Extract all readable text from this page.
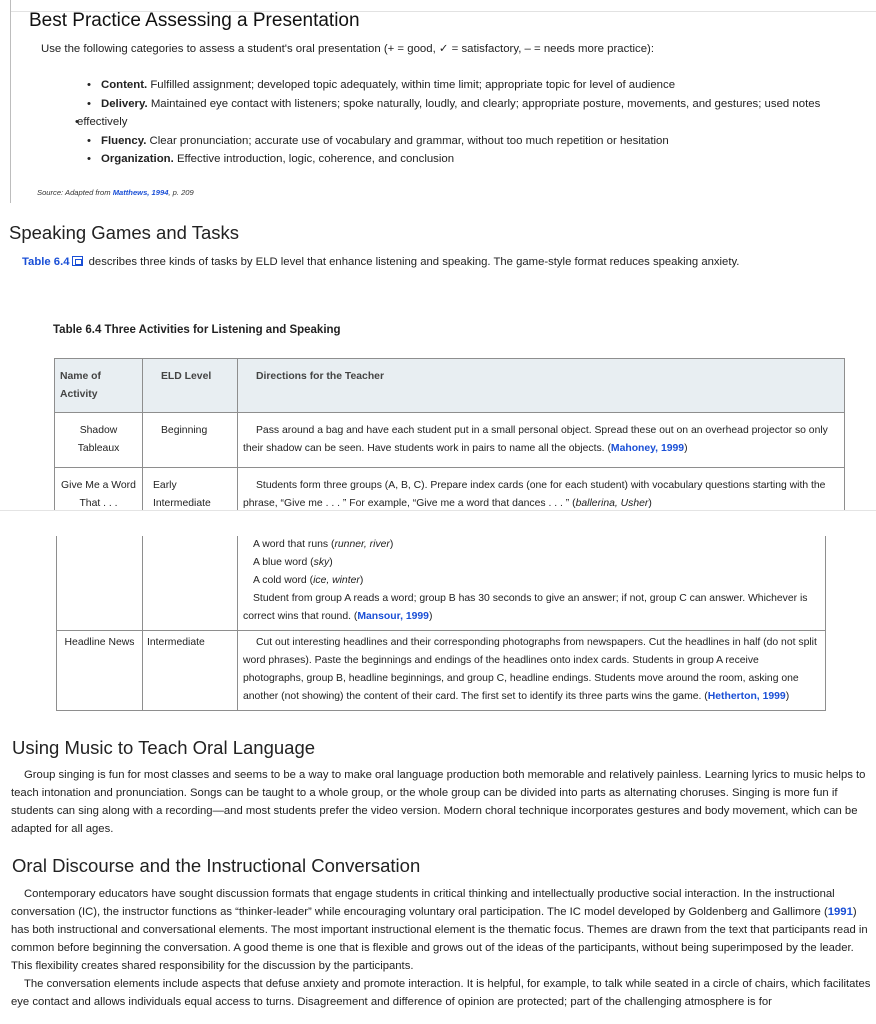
Best Practice Assessing a Presentation

Use the following categories to assess a student's oral presentation (+ = good, ✓ = satisfactory, – = needs more practice):

• Content. Fulfilled assignment; developed topic adequately, within time limit; appropriate topic for level of audience
• Delivery. Maintained eye contact with listeners; spoke naturally, loudly, and clearly; appropriate posture, movements, and gestures; used notes
• effectively
• Fluency. Clear pronunciation; accurate use of vocabulary and grammar, without too much repetition or hesitation
• Organization. Effective introduction, logic, coherence, and conclusion

Source: Adapted from Matthews, 1994, p. 209

Speaking Games and Tasks

Table 6.4 describes three kinds of tasks by ELD level that enhance listening and speaking. The game-style format reduces speaking anxiety.

Table 6.4 Three Activities for Listening and Speaking

Name of Activity	ELD Level	Directions for the Teacher
Shadow Tableaux	Beginning	Pass around a bag and have each student put in a small personal object. Spread these out on an overhead projector so only their shadow can be seen. Have students work in pairs to name all the objects. (Mahoney, 1999)
Give Me a Word That . . .	Early Intermediate	Students form three groups (A, B, C). Prepare index cards (one for each student) with vocabulary questions starting with the phrase, “Give me . . . ” For example, “Give me a word that dances . . . ” (ballerina, Usher)

		A word that runs (runner, river)
A blue word (sky)
A cold word (ice, winter)
Student from group A reads a word; group B has 30 seconds to give an answer; if not, group C can answer. Whichever is correct wins that round. (Mansour, 1999)

Headline News	Intermediate	Cut out interesting headlines and their corresponding photographs from newspapers. Cut the headlines in half (do not split word phrases). Paste the beginnings and endings of the headlines onto index cards. Students in group A receive photographs, group B, headline beginnings, and group C, headline endings. Students move around the room, asking one another (not showing) the content of their card. The first set to identify its three parts wins the game. (Hetherton, 1999)
Using Music to Teach Oral Language

Group singing is fun for most classes and seems to be a way to make oral language production both memorable and relatively painless. Learning lyrics to music helps to teach intonation and pronunciation. Songs can be taught to a whole group, or the whole group can be divided into parts as alternating choruses. Singing is more fun if students can sing along with a recording—and most students prefer the video version. Modern choral technique incorporates gestures and body movement, which can be adapted for all ages.

Oral Discourse and the Instructional Conversation

Contemporary educators have sought discussion formats that engage students in critical thinking and intellectually productive social interaction. In the instructional conversation (IC), the instructor functions as “thinker-leader” while encouraging voluntary oral participation. The IC model developed by Goldenberg and Gallimore (1991) has both instructional and conversational elements. The most important instructional element is the thematic focus. Themes are drawn from the text that participants read in common before beginning the conversation. A good theme is one that is flexible and grows out of the ideas of the participants, without being superimposed by the leader. This flexibility creates shared responsibility for the discussion by the participants.

The conversation elements include aspects that defuse anxiety and promote interaction. It is helpful, for example, to talk while seated in a circle of chairs, which facilitates eye contact and allows individuals equal access to turns. Disagreement and difference of opinion are protected; part of the challenging atmosphere is for
